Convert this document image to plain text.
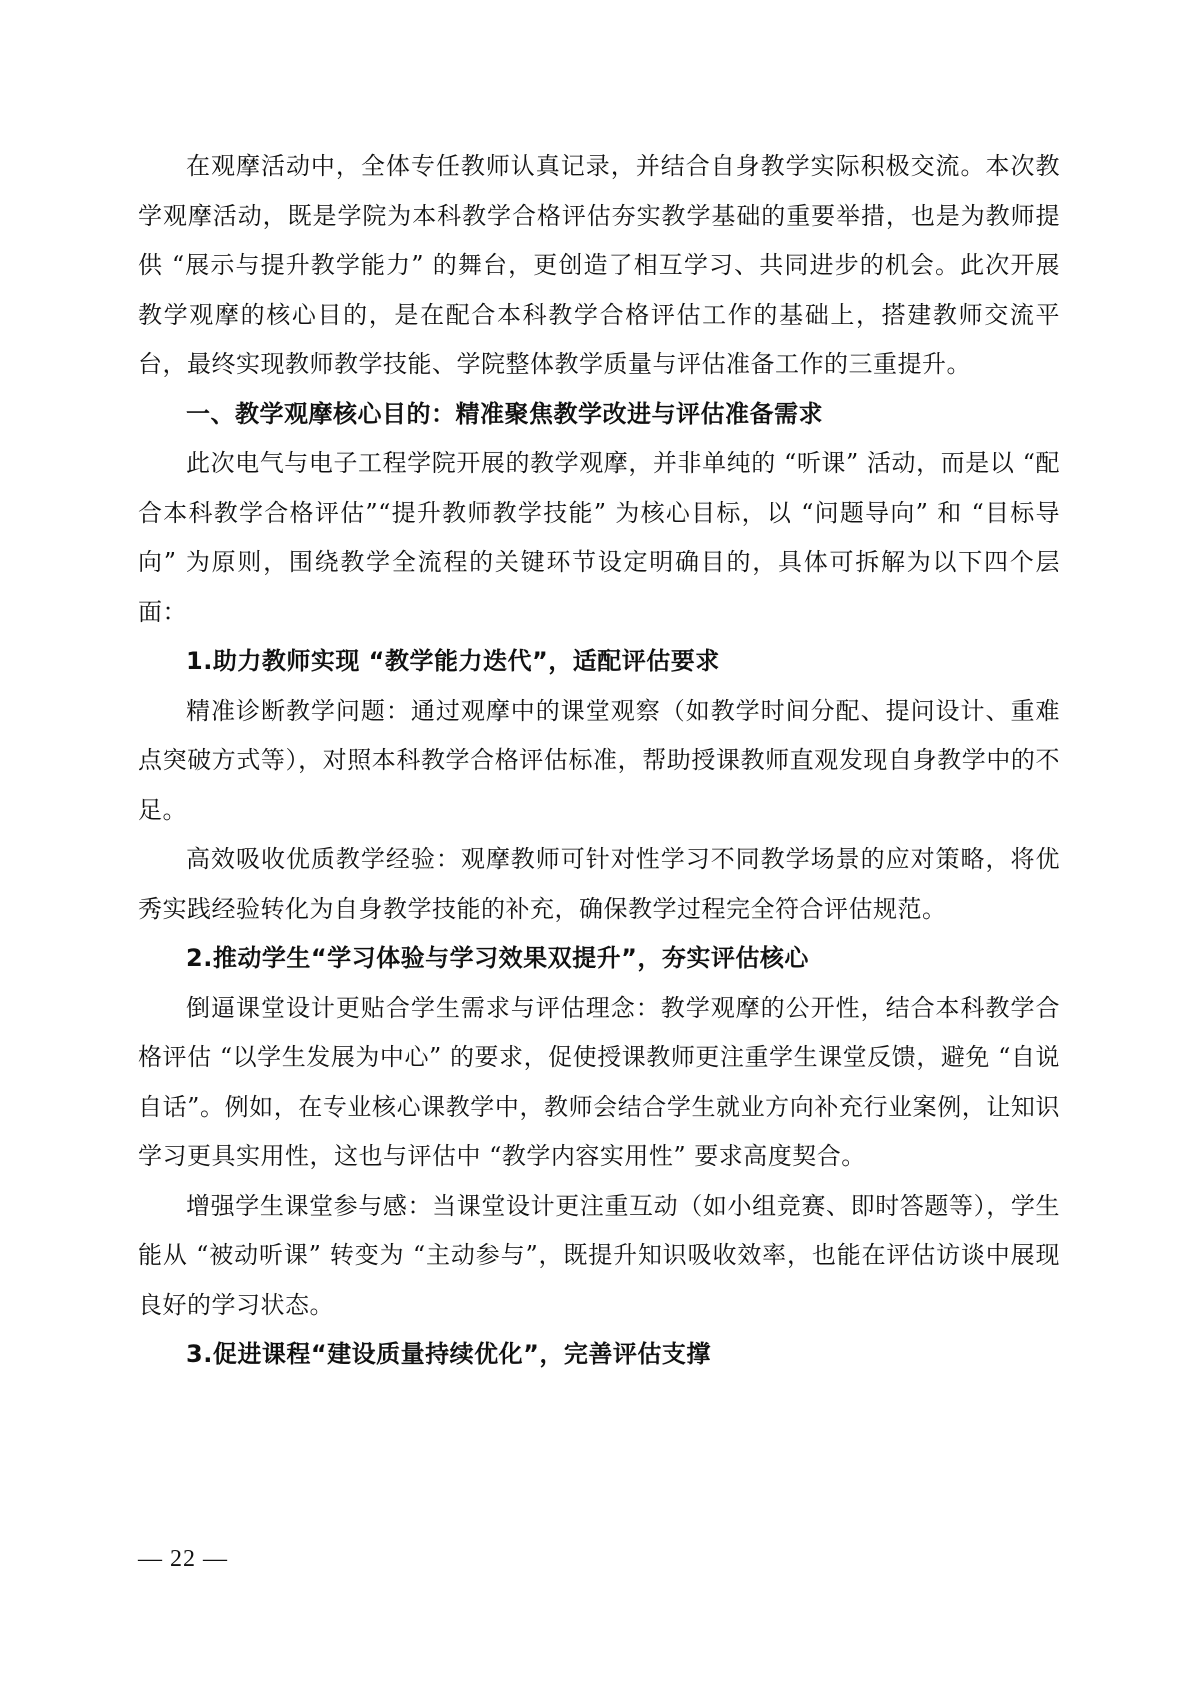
在观摩活动中，全体专任教师认真记录，并结合自身教学实际积极交流。本次教学观摩活动，既是学院为本科教学合格评估夯实教学基础的重要举措，也是为教师提供 “展示与提升教学能力” 的舞台，更创造了相互学习、共同进步的机会。此次开展教学观摩的核心目的，是在配合本科教学合格评估工作的基础上，搭建教师交流平台，最终实现教师教学技能、学院整体教学质量与评估准备工作的三重提升。

一、教学观摩核心目的：精准聚焦教学改进与评估准备需求

此次电气与电子工程学院开展的教学观摩，并非单纯的 “听课” 活动，而是以 “配合本科教学合格评估”“提升教师教学技能” 为核心目标，以 “问题导向” 和 “目标导向” 为原则，围绕教学全流程的关键环节设定明确目的，具体可拆解为以下四个层面：

1.助力教师实现 “教学能力迭代”，适配评估要求

精准诊断教学问题：通过观摩中的课堂观察（如教学时间分配、提问设计、重难点突破方式等），对照本科教学合格评估标准，帮助授课教师直观发现自身教学中的不足。

高效吸收优质教学经验：观摩教师可针对性学习不同教学场景的应对策略，将优秀实践经验转化为自身教学技能的补充，确保教学过程完全符合评估规范。

2.推动学生“学习体验与学习效果双提升”，夯实评估核心

倒逼课堂设计更贴合学生需求与评估理念：教学观摩的公开性，结合本科教学合格评估 “以学生发展为中心” 的要求，促使授课教师更注重学生课堂反馈，避免 “自说自话”。例如，在专业核心课教学中，教师会结合学生就业方向补充行业案例，让知识学习更具实用性，这也与评估中 “教学内容实用性” 要求高度契合。

增强学生课堂参与感：当课堂设计更注重互动（如小组竞赛、即时答题等），学生能从 “被动听课” 转变为 “主动参与”，既提升知识吸收效率，也能在评估访谈中展现良好的学习状态。

3.促进课程“建设质量持续优化”，完善评估支撑

— 22 —
